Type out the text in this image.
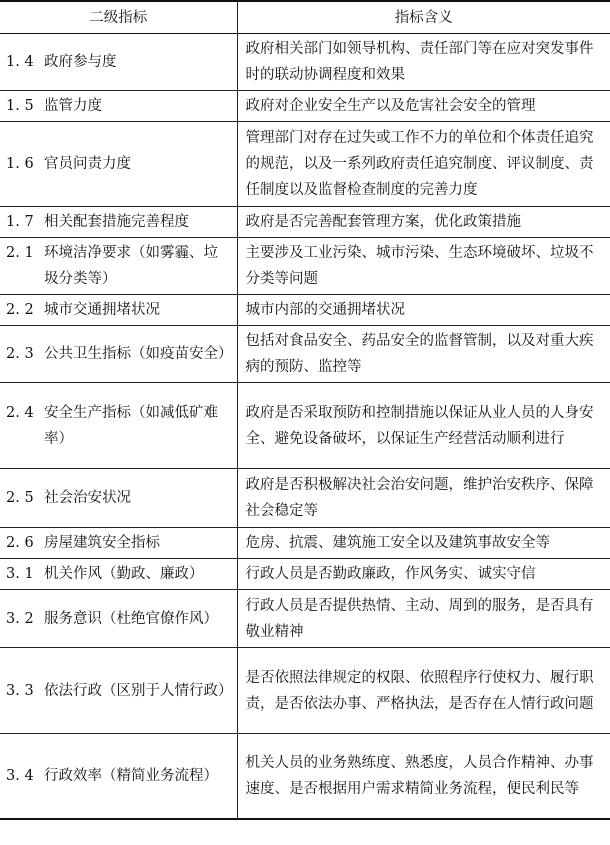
二级指标	指标含义

1. 4 政府参与度	政府相关部门如领导机构、责任部门等在应对突发事件时的联动协调程度和效果

1. 5 监管力度	政府对企业安全生产以及危害社会安全的管理

1. 6 官员问责力度	管理部门对存在过失或工作不力的单位和个体责任追究的规范，以及一系列政府责任追究制度、评议制度、责任制度以及监督检查制度的完善力度

1. 7 相关配套措施完善程度	政府是否完善配套管理方案，优化政策措施

2. 1 环境洁净要求（如雾霾、垃圾分类等）	主要涉及工业污染、城市污染、生态环境破坏、垃圾不分类等问题

2. 2 城市交通拥堵状况	城市内部的交通拥堵状况

2. 3 公共卫生指标（如疫苗安全）	包括对食品安全、药品安全的监督管制，以及对重大疾病的预防、监控等

2. 4 安全生产指标（如减低矿难率）	政府是否采取预防和控制措施以保证从业人员的人身安全、避免设备破坏，以保证生产经营活动顺利进行

2. 5 社会治安状况	政府是否积极解决社会治安问题，维护治安秩序、保障社会稳定等

2. 6 房屋建筑安全指标	危房、抗震、建筑施工安全以及建筑事故安全等

3. 1 机关作风（勤政、廉政）	行政人员是否勤政廉政，作风务实、诚实守信

3. 2 服务意识（杜绝官僚作风）	行政人员是否提供热情、主动、周到的服务，是否具有敬业精神

3. 3 依法行政（区别于人情行政）	是否依照法律规定的权限、依照程序行使权力、履行职责，是否依法办事、严格执法，是否存在人情行政问题

3. 4 行政效率（精简业务流程）	机关人员的业务熟练度、熟悉度，人员合作精神、办事速度、是否根据用户需求精简业务流程，便民利民等
